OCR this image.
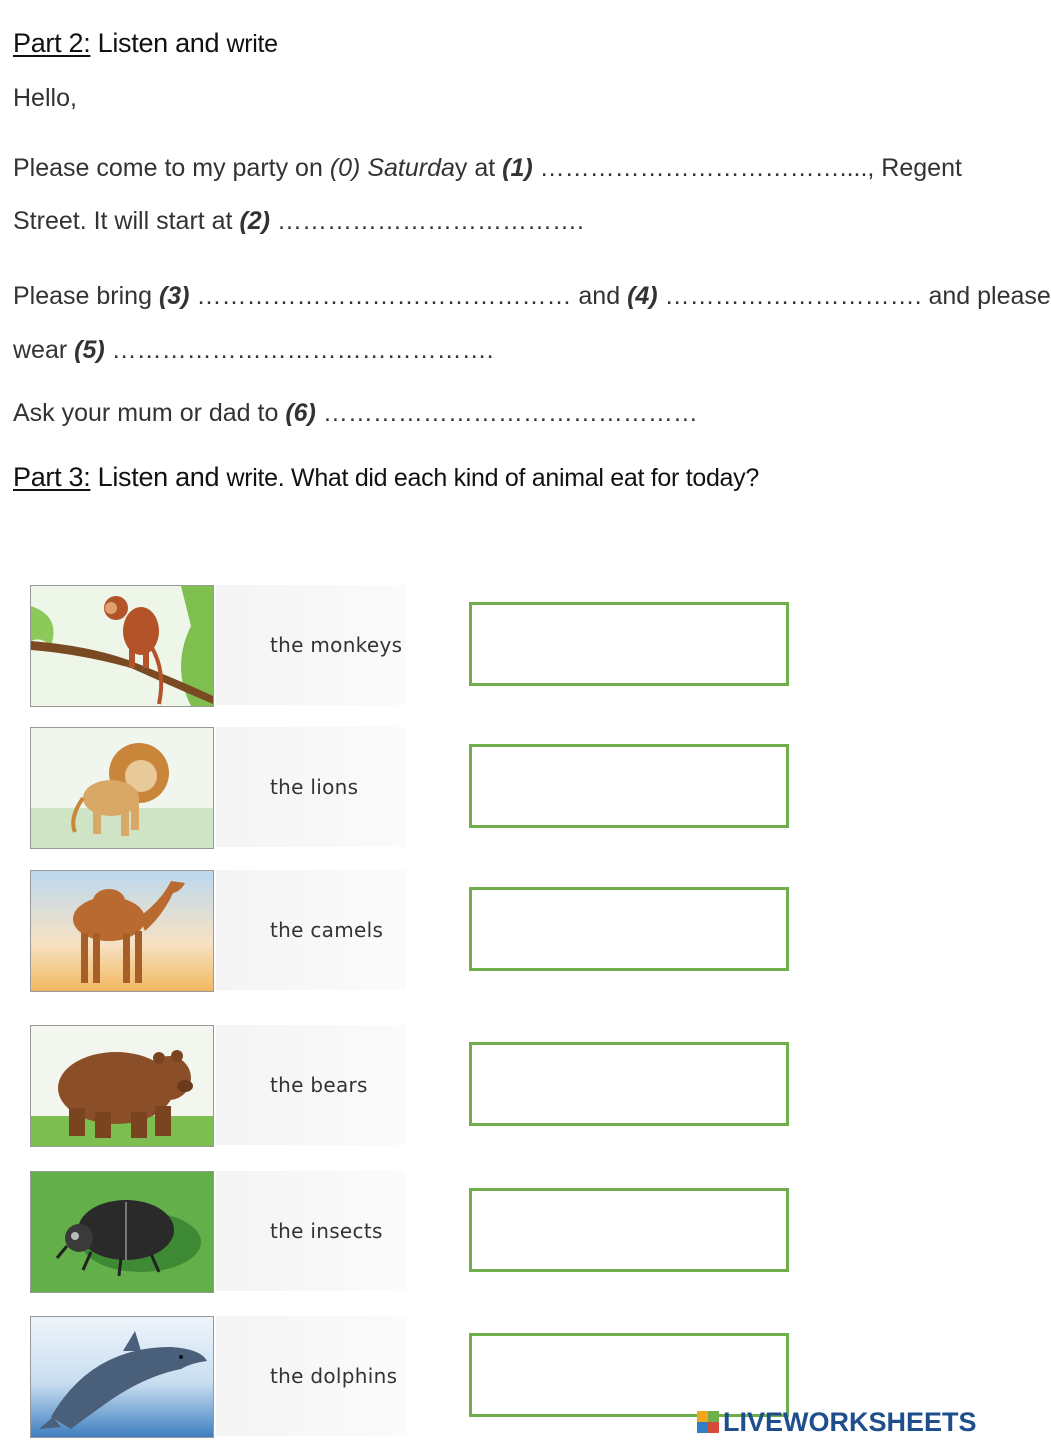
Part 2: Listen and write
Hello,
Please come to my party on (0) Saturday at (1) ………………………………...., Regent
Street. It will start at (2) ……………………………….
Please bring (3) ……………………………………… and (4) …………………………. and please
wear (5) ……………………………………….
Ask your mum or dad to (6) ………………………………………
Part 3: Listen and write. What did each kind of animal eat for today?
the monkeys
the lions
the camels
the bears
the insects
the dolphins
LIVEWORKSHEETS
